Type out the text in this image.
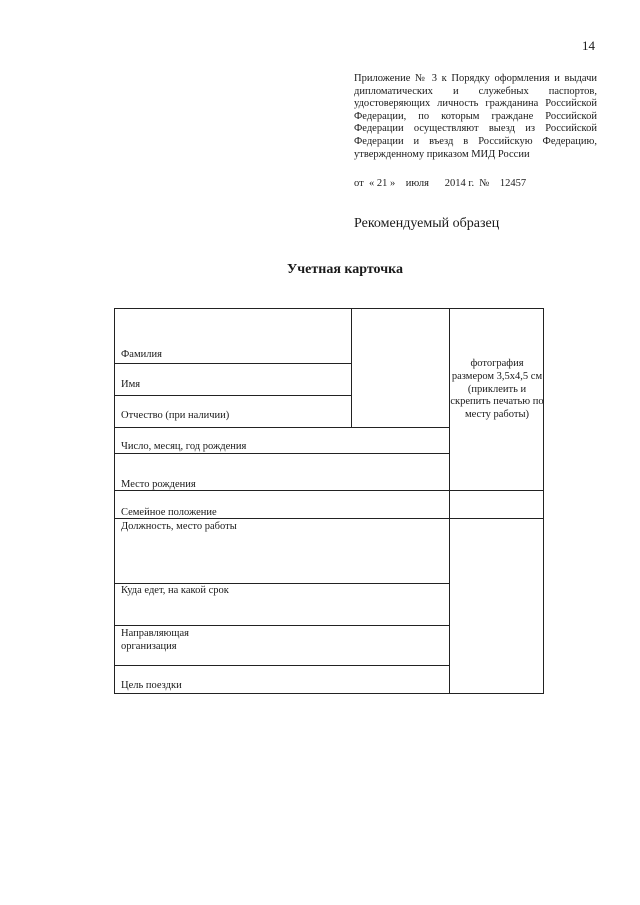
14
Приложение № 3 к Порядку оформления и выдачи дипломатических и служебных паспортов, удостоверяющих личность гражданина Российской Федерации, по которым граждане Российской Федерации осуществляют выезд из Российской Федерации и въезд в Российскую Федерацию, утвержденному приказом МИД России
от  « 21 »    июля      2014 г.  №    12457
Рекомендуемый образец
Учетная карточка
Фамилия
Имя
Отчество (при наличии)
Число, месяц, год рождения
Место рождения
Семейное положение
Должность, место работы
Куда едет, на какой срок
Направляющая
организация
Цель поездки
фотография
размером 3,5х4,5 см
(приклеить и
скрепить печатью по
месту работы)
